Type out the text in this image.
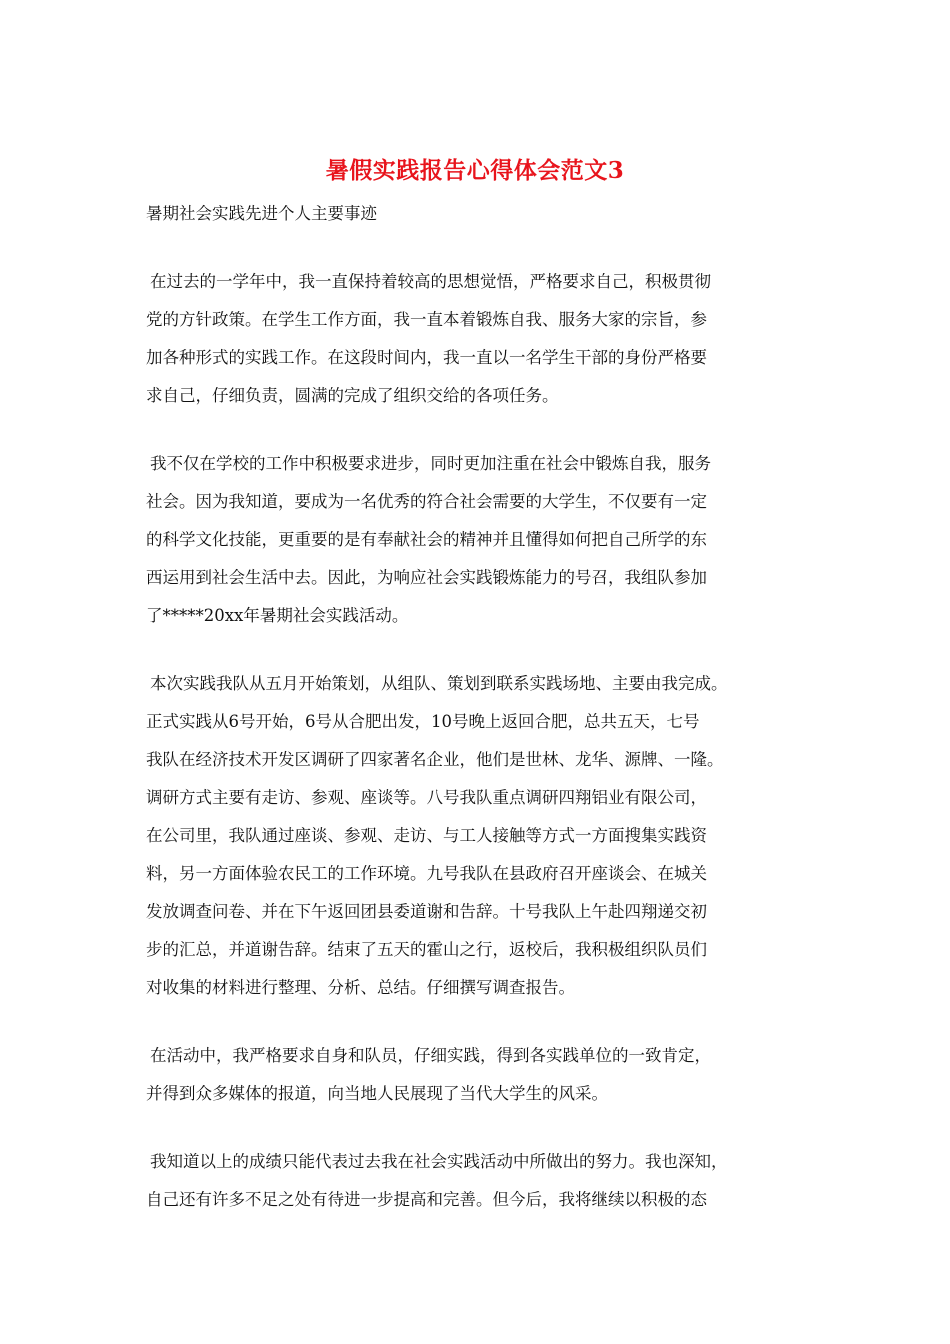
暑假实践报告心得体会范文3
暑期社会实践先进个人主要事迹
在过去的一学年中，我一直保持着较高的思想觉悟，严格要求自己，积极贯彻
党的方针政策。在学生工作方面，我一直本着锻炼自我、服务大家的宗旨，参
加各种形式的实践工作。在这段时间内，我一直以一名学生干部的身份严格要
求自己，仔细负责，圆满的完成了组织交给的各项任务。
我不仅在学校的工作中积极要求进步，同时更加注重在社会中锻炼自我，服务
社会。因为我知道，要成为一名优秀的符合社会需要的大学生，不仅要有一定
的科学文化技能，更重要的是有奉献社会的精神并且懂得如何把自己所学的东
西运用到社会生活中去。因此，为响应社会实践锻炼能力的号召，我组队参加
了*****20xx年暑期社会实践活动。
本次实践我队从五月开始策划，从组队、策划到联系实践场地、主要由我完成。
正式实践从6号开始，6号从合肥出发，10号晚上返回合肥，总共五天，七号
我队在经济技术开发区调研了四家著名企业，他们是世林、龙华、源牌、一隆。
调研方式主要有走访、参观、座谈等。八号我队重点调研四翔铝业有限公司，
在公司里，我队通过座谈、参观、走访、与工人接触等方式一方面搜集实践资
料，另一方面体验农民工的工作环境。九号我队在县政府召开座谈会、在城关
发放调查问卷、并在下午返回团县委道谢和告辞。十号我队上午赴四翔递交初
步的汇总，并道谢告辞。结束了五天的霍山之行，返校后，我积极组织队员们
对收集的材料进行整理、分析、总结。仔细撰写调查报告。
在活动中，我严格要求自身和队员，仔细实践，得到各实践单位的一致肯定，
并得到众多媒体的报道，向当地人民展现了当代大学生的风采。
我知道以上的成绩只能代表过去我在社会实践活动中所做出的努力。我也深知，
自己还有许多不足之处有待进一步提高和完善。但今后，我将继续以积极的态
